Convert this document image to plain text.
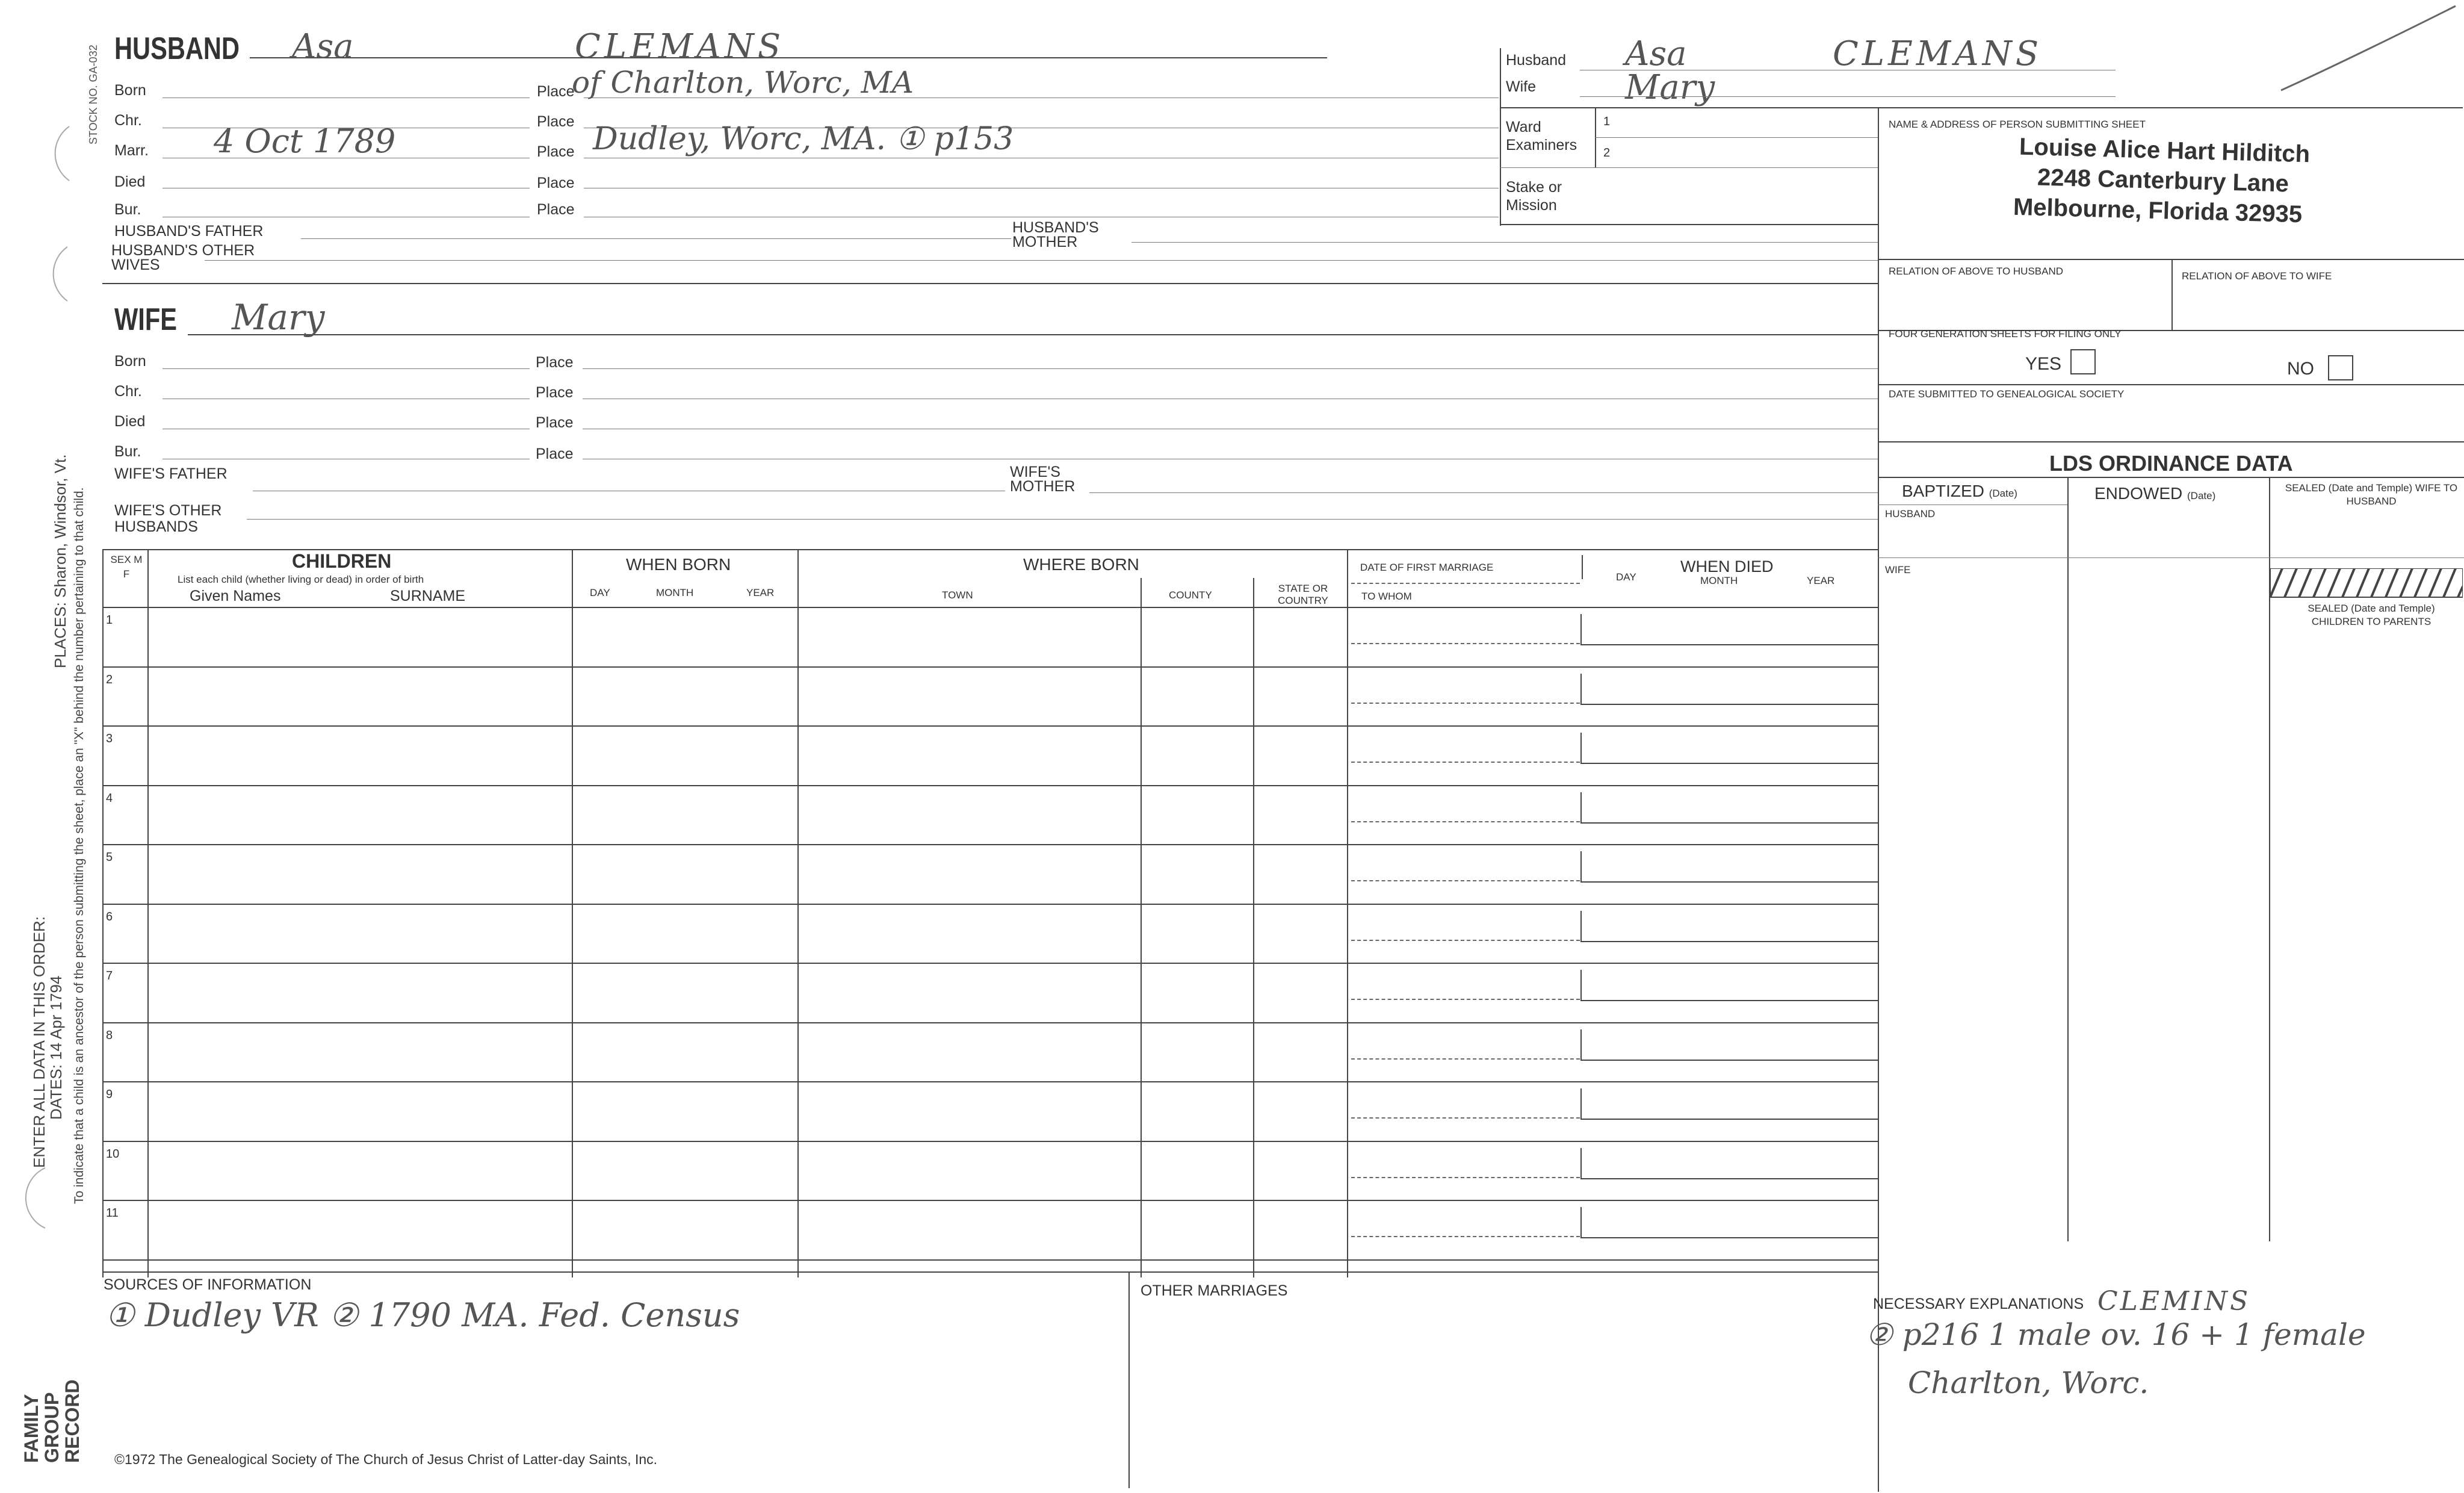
FAMILY
GROUP
RECORD
ENTER ALL DATA IN THIS ORDER:
DATES: 14 Apr 1794
PLACES: Sharon, Windsor, Vt. To indicate that a child is an ancestor of the person submitting the sheet, place an "X" behind the number pertaining to that child.
STOCK NO. GA-032 HUSBAND Asa	CLEMANS
Born	Place
of Charlton, Worc, MA
Chr.	Place
Marr. 4 Oct 1789	Place Dudley, Worc, MA. ① p153
Died	Place
Bur.	Place
HUSBAND'S FATHER	HUSBAND'S MOTHER
HUSBAND'S OTHER WIVES
WIFE Mary
Born	Place
Chr.	Place
Died	Place
Bur.	Place
WIFE'S FATHER	WIFE'S MOTHER
WIFE'S OTHER HUSBANDS
Husband Asa	CLEMANS
Wife	Mary
Ward Examiners
1
2
Stake or Mission
NAME & ADDRESS OF PERSON SUBMITTING SHEET
Louise Alice Hart Hilditch
2248 Canterbury Lane
Melbourne, Florida 32935
RELATION OF ABOVE TO HUSBAND	RELATION OF ABOVE TO WIFE
FOUR GENERATION SHEETS FOR FILING ONLY
YES	NO
DATE SUBMITTED TO GENEALOGICAL SOCIETY
LDS ORDINANCE DATA
BAPTIZED (Date)	ENDOWED (Date)
SEALED (Date and Temple) WIFE TO HUSBAND
HUSBAND
WIFE
SEALED (Date and Temple) CHILDREN TO PARENTS
SEX M F
CHILDREN
List each child (whether living or dead) in order of birth
Given Names	SURNAME
WHEN BORN
DAY	MONTH	YEAR
WHERE BORN
TOWN	COUNTY
STATE OR COUNTRY
DATE OF FIRST MARRIAGE
TO WHOM
WHEN DIED
DAY	MONTH	YEAR
1
2
3
4
5
6
7
8
9
10
11
SOURCES OF INFORMATION
① Dudley VR ② 1790 MA. Fed. Census
OTHER MARRIAGES
NECESSARY EXPLANATIONS CLEMINS
② p216 1 male ov. 16 + 1 female
Charlton, Worc.
©1972 The Genealogical Society of The Church of Jesus Christ of Latter-day Saints, Inc.
